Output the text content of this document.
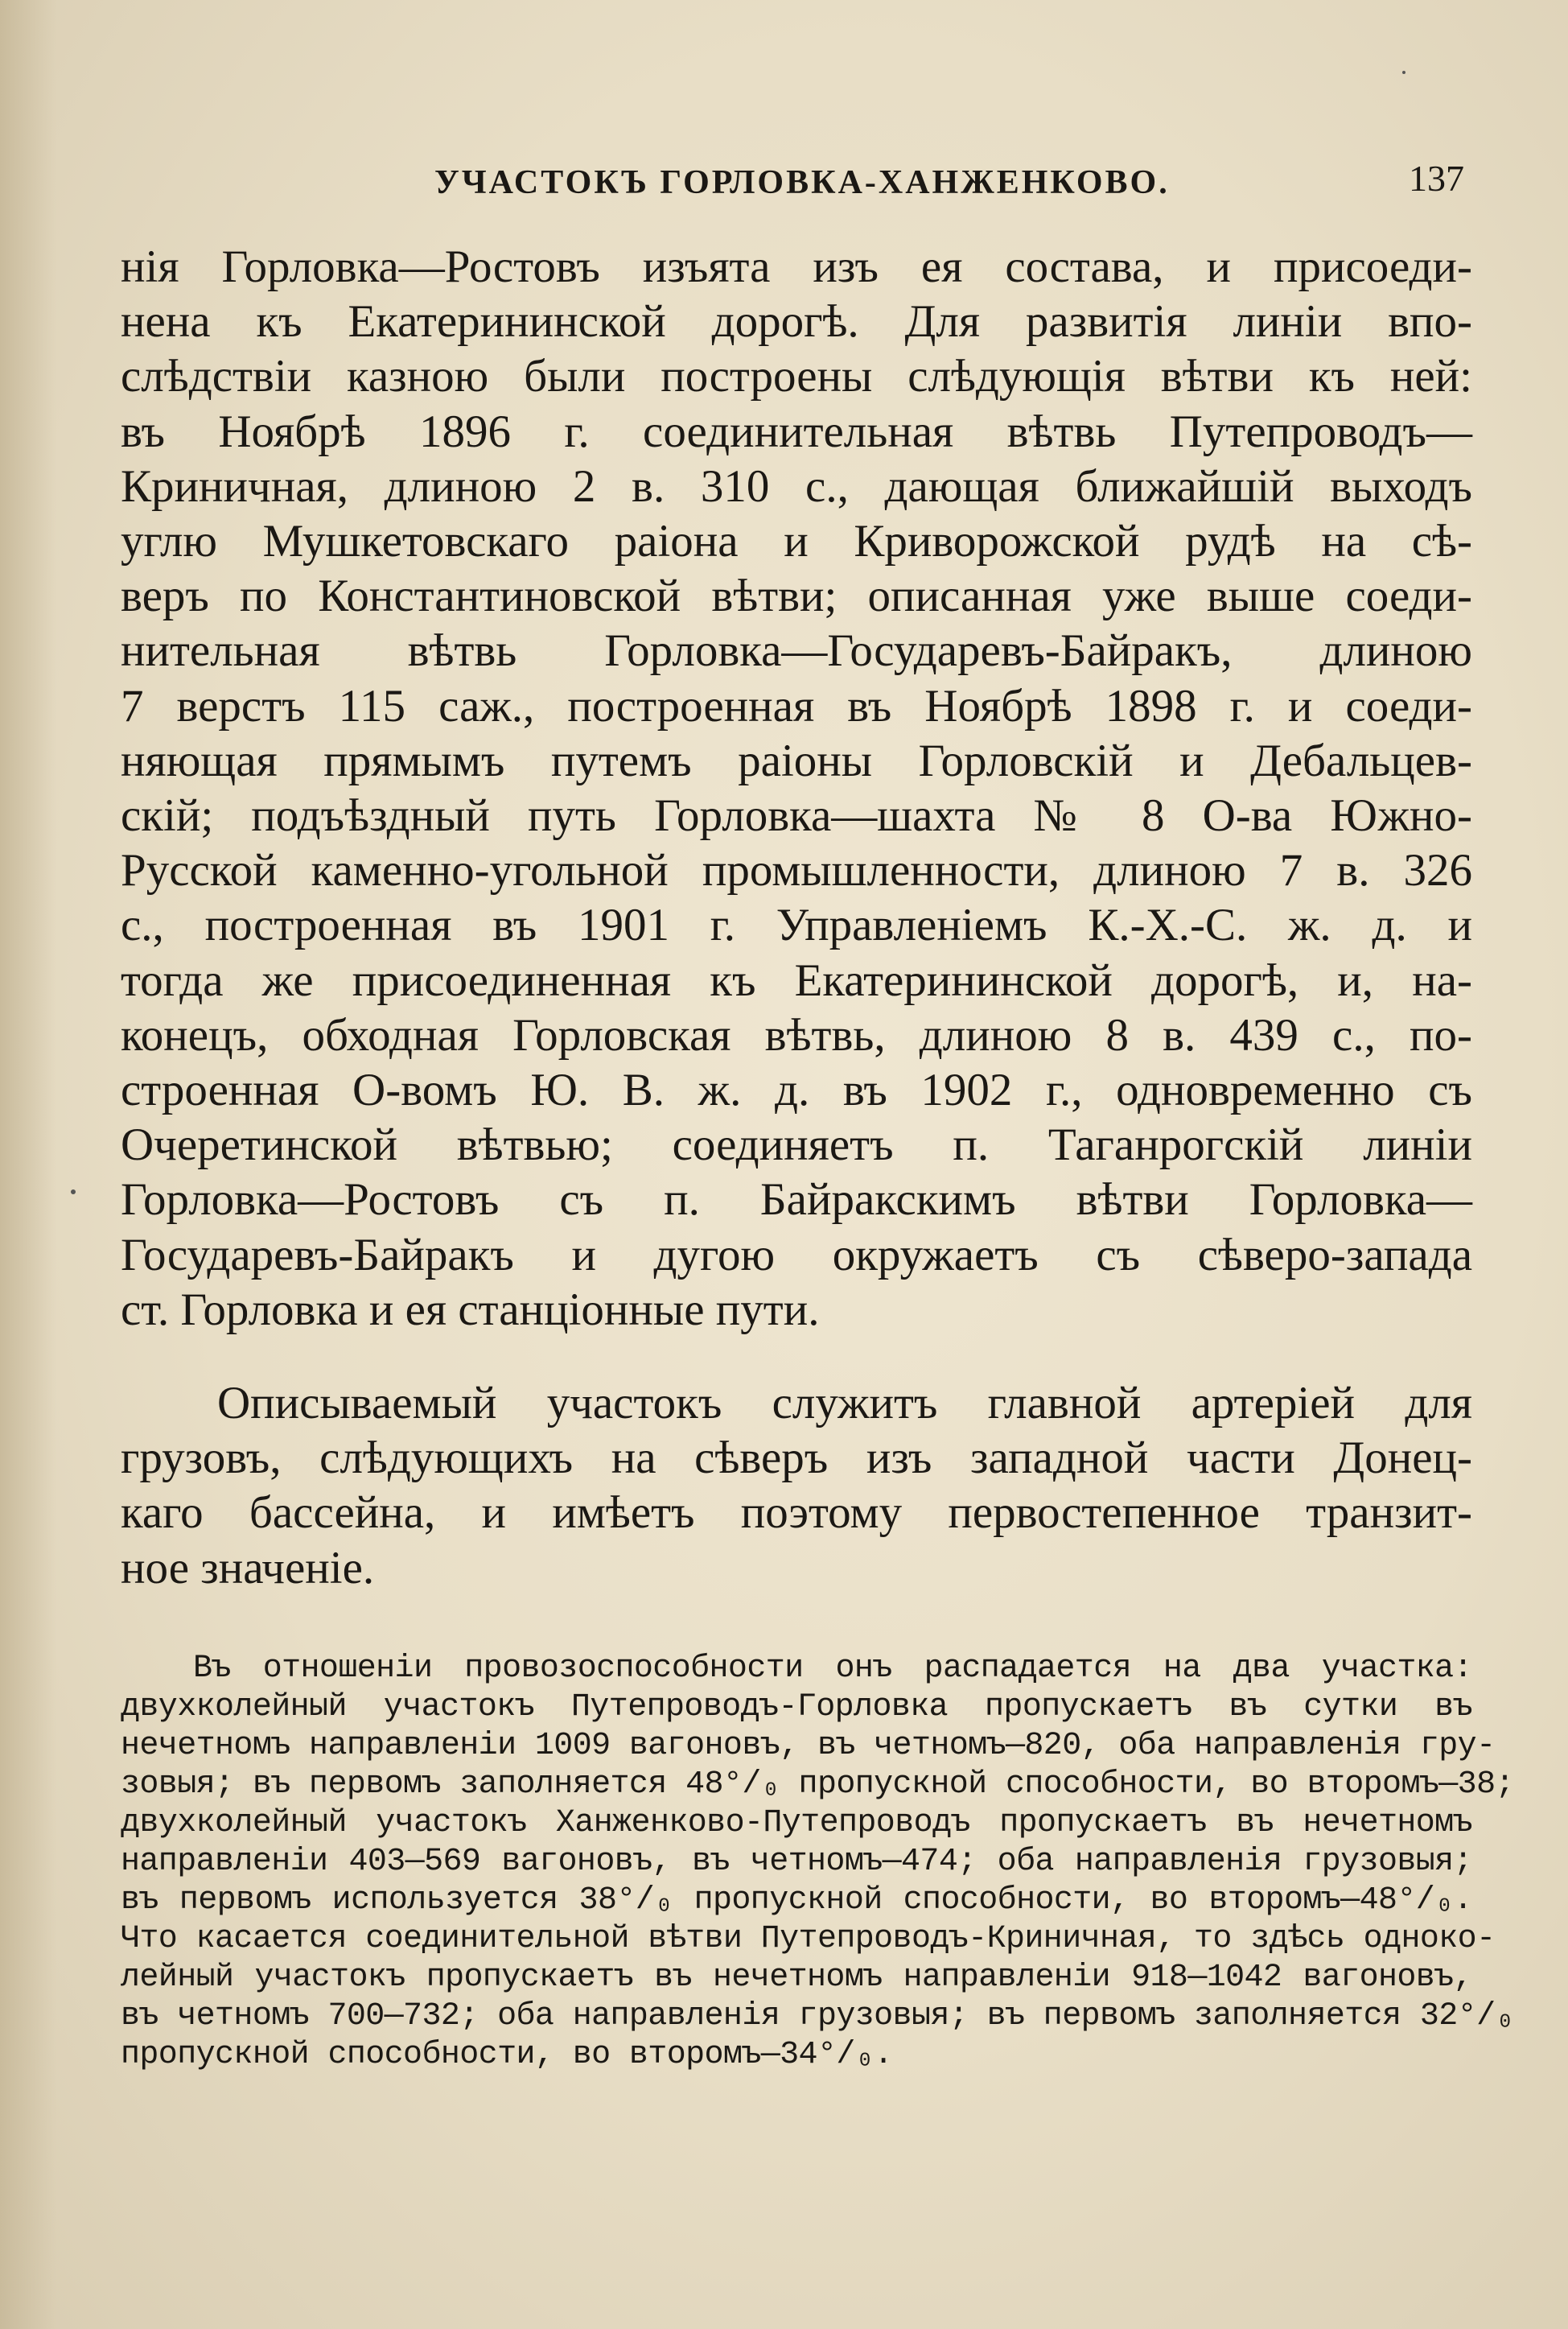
УЧАСТОКЪ ГОРЛОВКА-ХАНЖЕНКОВО.	137
нія Горловка—Ростовъ изъята изъ ея состава, и присоеди-
нена къ Екатерининской дорогѣ. Для развитія линіи впо-
слѣдствіи казною были построены слѣдующія вѣтви къ ней:
въ Ноябрѣ 1896 г. соединительная вѣтвь Путепроводъ—
Криничная, длиною 2 в. 310 с., дающая ближайшій выходъ
углю Мушкетовскаго раіона и Криворожской рудѣ на сѣ-
веръ по Константиновской вѣтви; описанная уже выше соеди-
нительная вѣтвь Горловка—Государевъ-Байракъ, длиною
7 верстъ 115 саж., построенная въ Ноябрѣ 1898 г. и соеди-
няющая прямымъ путемъ раіоны Горловскій и Дебальцев-
скій; подъѣздный путь Горловка—шахта № 8 О-ва Южно-
Русской каменно-угольной промышленности, длиною 7 в. 326
с., построенная въ 1901 г. Управленіемъ К.-Х.-С. ж. д. и
тогда же присоединенная къ Екатерининской дорогѣ, и, на-
конецъ, обходная Горловская вѣтвь, длиною 8 в. 439 с., по-
строенная О-вомъ Ю. В. ж. д. въ 1902 г., одновременно съ
Очеретинской вѣтвью; соединяетъ п. Таганрогскій линіи
Горловка—Ростовъ съ п. Байракскимъ вѣтви Горловка—
Государевъ-Байракъ и дугою окружаетъ съ сѣверо-запада
ст. Горловка и ея станціонные пути.
Описываемый участокъ служитъ главной артеріей для
грузовъ, слѣдующихъ на сѣверъ изъ западной части Донец-
каго бассейна, и имѣетъ поэтому первостепенное транзит-
ное значеніе.
Въ отношеніи провозоспособности онъ распадается на два участка:
двухколейный участокъ Путепроводъ-Горловка пропускаетъ въ сутки въ
нечетномъ направленіи 1009 вагоновъ, въ четномъ—820, оба направленія гру-
зовыя; въ первомъ заполняется 48°/₀ пропускной способности, во второмъ—38;
двухколейный участокъ Ханженково-Путепроводъ пропускаетъ въ нечетномъ
направленіи 403—569 вагоновъ, въ четномъ—474; оба направленія грузовыя;
въ первомъ используется 38°/₀ пропускной способности, во второмъ—48°/₀.
Что касается соединительной вѣтви Путепроводъ-Криничная, то здѣсь одноко-
лейный участокъ пропускаетъ въ нечетномъ направленіи 918—1042 вагоновъ,
въ четномъ 700—732; оба направленія грузовыя; въ первомъ заполняется 32°/₀
пропускной способности, во второмъ—34°/₀.
